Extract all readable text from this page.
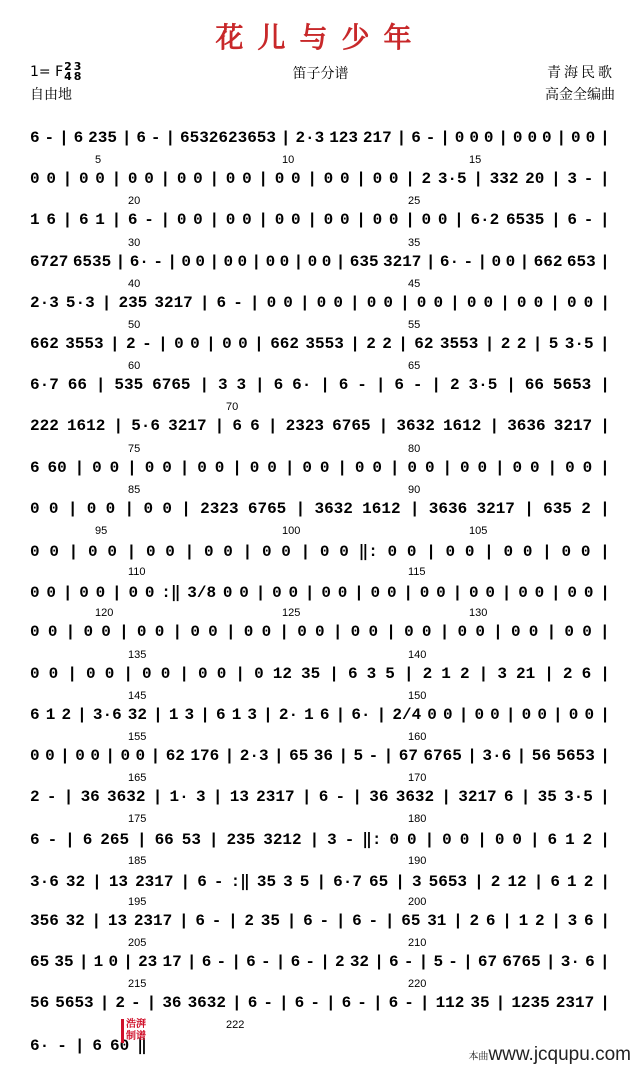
花儿与少年
1= F2
43
8
自由地
笛子分谱	青海民歌
高金全编曲
6 - | 6 235 | 6 - | 6532623653 | 2·3 123 217 | 6 - | 0 0 0 | 0 0 0 | 0 0 |
5	10	15
0 0 | 0 0 | 0 0 | 0 0 | 0 0 | 0 0 | 0 0 | 0 0 | 2 3·5 | 332 20 | 3 - |
20	25
1 6 | 6 1 | 6 - | 0 0 | 0 0 | 0 0 | 0 0 | 0 0 | 0 0 | 6·2 6535 | 6 - |
30	35
6727 6535 | 6· - | 0 0 | 0 0 | 0 0 | 0 0 | 635 3217 | 6· - | 0 0 | 662 653 |
40	45
2·3 5·3 | 235 3217 | 6 - | 0 0 | 0 0 | 0 0 | 0 0 | 0 0 | 0 0 | 0 0 |
50	55
662 3553 | 2 - | 0 0 | 0 0 | 662 3553 | 2 2 | 62 3553 | 2 2 | 5 3·5 |
60	65
6·7 66 | 535 6765 | 3 3 | 6 6· | 6 - | 6 - | 2 3·5 | 66 5653 |
70
222 1612 | 5·6 3217 | 6 6 | 2323 6765 | 3632 1612 | 3636 3217 |
75	80
6 60 | 0 0 | 0 0 | 0 0 | 0 0 | 0 0 | 0 0 | 0 0 | 0 0 | 0 0 | 0 0 |
85	90
0 0 | 0 0 | 0 0 | 2323 6765 | 3632 1612 | 3636 3217 | 635 2 |
95	100	105
0 0 | 0 0 | 0 0 | 0 0 | 0 0 | 0 0 ‖: 0 0 | 0 0 | 0 0 | 0 0 |
110	115
0 0 | 0 0 | 0 0 :‖ 3/8 0 0 | 0 0 | 0 0 | 0 0 | 0 0 | 0 0 | 0 0 | 0 0 |
120	125	130
0 0 | 0 0 | 0 0 | 0 0 | 0 0 | 0 0 | 0 0 | 0 0 | 0 0 | 0 0 | 0 0 |
135	140
0 0 | 0 0 | 0 0 | 0 0 | 0 12 35 | 6 3 5 | 2 1 2 | 3 21 | 2 6 |
145	150
6 1 2 | 3·6 32 | 1 3 | 6 1 3 | 2· 1 6 | 6· | 2/4 0 0 | 0 0 | 0 0 | 0 0 |
155	160
0 0 | 0 0 | 0 0 | 62 176 | 2·3 | 65 36 | 5 - | 67 6765 | 3·6 | 56 5653 |
165	170
2 - | 36 3632 | 1· 3 | 13 2317 | 6 - | 36 3632 | 3217 6 | 35 3·5 |
175	180
6 - | 6 265 | 66 53 | 235 3212 | 3 - ‖: 0 0 | 0 0 | 0 0 | 6 1 2 |
185	190
3·6 32 | 13 2317 | 6 - :‖ 35 3 5 | 6·7 65 | 3 5653 | 2 12 | 6 1 2 |
195	200
356 32 | 13 2317 | 6 - | 2 35 | 6 - | 6 - | 65 31 | 2 6 | 1 2 | 3 6 |
205	210
65 35 | 1 0 | 23 17 | 6 - | 6 - | 6 - | 2 32 | 6 - | 5 - | 67 6765 | 3· 6 |
215	220
56 5653 | 2 - | 36 3632 | 6 - | 6 - | 6 - | 6 - | 112 35 | 1235 2317 |
222
6· - | 6 60 ‖
浩湃制谱
本曲www.jcqupu.com
